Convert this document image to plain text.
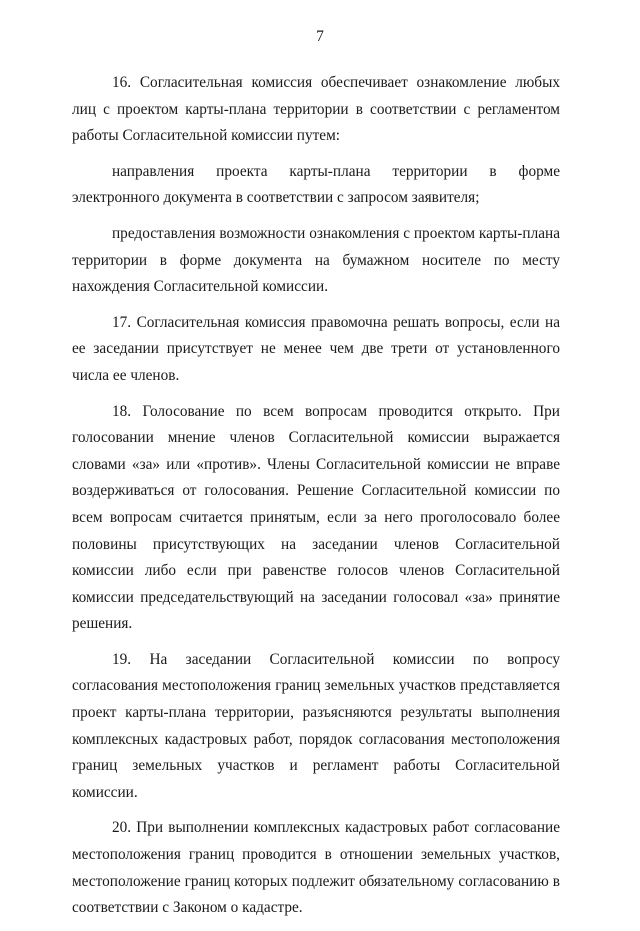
7

16. Согласительная комиссия обеспечивает ознакомление любых лиц с проектом карты-плана территории в соответствии с регламентом работы Согласительной комиссии путем:

направления проекта карты-плана территории в форме электронного документа в соответствии с запросом заявителя;

предоставления возможности ознакомления с проектом карты-плана территории в форме документа на бумажном носителе по месту нахождения Согласительной комиссии.

17. Согласительная комиссия правомочна решать вопросы, если на ее заседании присутствует не менее чем две трети от установленного числа ее членов.

18. Голосование по всем вопросам проводится открыто. При голосовании мнение членов Согласительной комиссии выражается словами «за» или «против». Члены Согласительной комиссии не вправе воздерживаться от голосования. Решение Согласительной комиссии по всем вопросам считается принятым, если за него проголосовало более половины присутствующих на заседании членов Согласительной комиссии либо если при равенстве голосов членов Согласительной комиссии председательствующий на заседании голосовал «за» принятие решения.

19. На заседании Согласительной комиссии по вопросу согласования местоположения границ земельных участков представляется проект карты-плана территории, разъясняются результаты выполнения комплексных кадастровых работ, порядок согласования местоположения границ земельных участков и регламент работы Согласительной комиссии.

20. При выполнении комплексных кадастровых работ согласование местоположения границ проводится в отношении земельных участков, местоположение границ которых подлежит обязательному согласованию в соответствии с Законом о кадастре.
